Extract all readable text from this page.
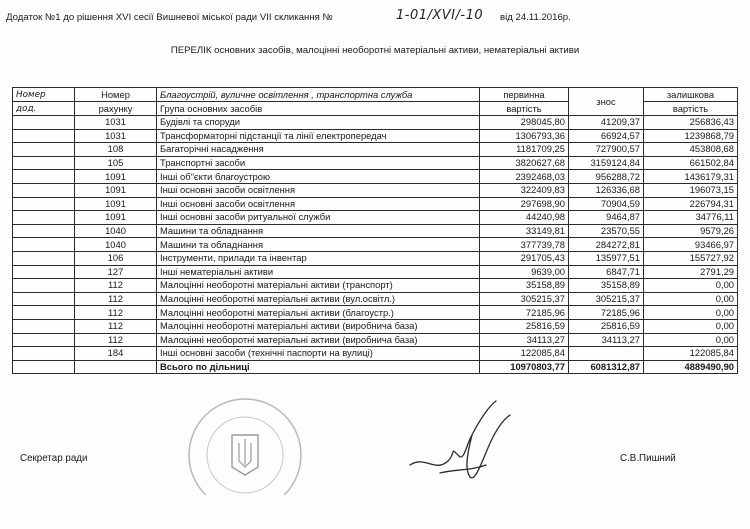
Додаток №1 до рішення XVI сесії Вишневої міської ради VII скликання №	1-01/XVI/-10 від 24.11.2016р.
ПЕРЕЛІК основних засобів, малоцінні необоротні матеріальні активи, нематеріальні активи
Номер	Номер	Благоустрій, вуличне освітлення , транспортна служба	первинна	знос	залишкова
дод.	рахунку	Група основних засобів	вартість		вартість
	1031	Будівлі та споруди	298045,80	41209,37	256836,43
	1031	Трансформаторні підстанції та лінії електропередач	1306793,36	66924,57	1239868,79
	108	Багаторічні насадження	1181709,25	727900,57	453808,68
	105	Транспортні засоби	3820627,68	3159124,84	661502,84
	1091	Інші об"єкти благоустрою	2392468,03	956288,72	1436179,31
	1091	Інші основні засоби освітлення	322409,83	126336,68	196073,15
	1091	Інші основні засоби освітлення	297698,90	70904,59	226794,31
	1091	Інші основні засоби ритуальної служби	44240,98	9464,87	34776,11
	1040	Машини та обладнання	33149,81	23570,55	9579,26
	1040	Машини та обладнання	377739,78	284272,81	93466,97
	106	Інструменти, прилади та інвентар	291705,43	135977,51	155727,92
	127	Інші нематеріальні активи	9639,00	6847,71	2791,29
	112	Малоцінні необоротні матеріальні активи (транспорт)	35158,89	35158,89	0,00
	112	Малоцінні необоротні матеріальні активи (вул.освітл.)	305215,37	305215,37	0,00
	112	Малоцінні необоротні матеріальні активи (благоустр.)	72185,96	72185,96	0,00
	112	Малоцінні необоротні матеріальні активи (виробнича база)	25816,59	25816,59	0,00
	112	Малоцінні необоротні матеріальні активи (виробнича база)	34113,27	34113,27	0,00
	184	Інші основні засоби (технічні паспорти на вулиці)	122085,84		122085,84
		Всього по дільниці	10970803,77	6081312,87	4889490,90
Секретар ради	С.В.Пишний
